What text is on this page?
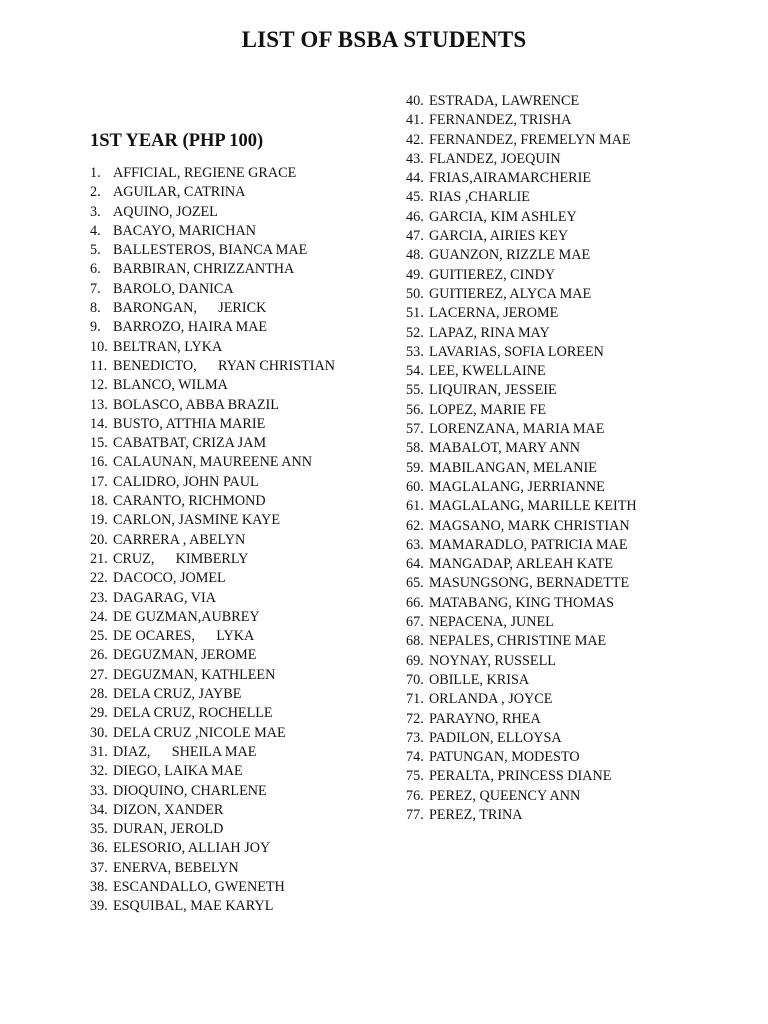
LIST OF BSBA STUDENTS
1ST YEAR (PHP 100)
1. AFFICIAL, REGIENE GRACE
2. AGUILAR, CATRINA
3. AQUINO, JOZEL
4. BACAYO, MARICHAN
5. BALLESTEROS, BIANCA MAE
6. BARBIRAN, CHRIZZANTHA
7. BAROLO, DANICA
8. BARONGAN,      JERICK
9. BARROZO, HAIRA MAE
10. BELTRAN, LYKA
11. BENEDICTO,      RYAN CHRISTIAN
12. BLANCO, WILMA
13. BOLASCO, ABBA BRAZIL
14. BUSTO, ATTHIA MARIE
15. CABATBAT, CRIZA JAM
16. CALAUNAN, MAUREENE ANN
17. CALIDRO, JOHN PAUL
18. CARANTO, RICHMOND
19. CARLON, JASMINE KAYE
20. CARRERA , ABELYN
21. CRUZ,      KIMBERLY
22. DACOCO, JOMEL
23. DAGARAG, VIA
24. DE GUZMAN,AUBREY
25. DE OCARES,      LYKA
26. DEGUZMAN, JEROME
27. DEGUZMAN, KATHLEEN
28. DELA CRUZ, JAYBE
29. DELA CRUZ, ROCHELLE
30. DELA CRUZ ,NICOLE MAE
31. DIAZ,      SHEILA MAE
32. DIEGO, LAIKA MAE
33. DIOQUINO, CHARLENE
34. DIZON, XANDER
35. DURAN, JEROLD
36. ELESORIO, ALLIAH JOY
37. ENERVA, BEBELYN
38. ESCANDALLO, GWENETH
39. ESQUIBAL, MAE KARYL
40. ESTRADA, LAWRENCE
41. FERNANDEZ, TRISHA
42. FERNANDEZ, FREMELYN MAE
43. FLANDEZ, JOEQUIN
44. FRIAS,AIRAMARCHERIE
45. RIAS ,CHARLIE
46. GARCIA, KIM ASHLEY
47. GARCIA, AIRIES KEY
48. GUANZON, RIZZLE MAE
49. GUITIEREZ, CINDY
50. GUITIEREZ, ALYCA MAE
51. LACERNA, JEROME
52. LAPAZ, RINA MAY
53. LAVARIAS, SOFIA LOREEN
54. LEE, KWELLAINE
55. LIQUIRAN, JESSEIE
56. LOPEZ, MARIE FE
57. LORENZANA, MARIA MAE
58. MABALOT, MARY ANN
59. MABILANGAN, MELANIE
60. MAGLALANG, JERRIANNE
61. MAGLALANG, MARILLE KEITH
62. MAGSANO, MARK CHRISTIAN
63. MAMARADLO, PATRICIA MAE
64. MANGADAP, ARLEAH KATE
65. MASUNGSONG, BERNADETTE
66. MATABANG, KING THOMAS
67. NEPACENA, JUNEL
68. NEPALES, CHRISTINE MAE
69. NOYNAY, RUSSELL
70. OBILLE, KRISA
71. ORLANDA , JOYCE
72. PARAYNO, RHEA
73. PADILON, ELLOYSA
74. PATUNGAN, MODESTO
75. PERALTA, PRINCESS DIANE
76. PEREZ, QUEENCY ANN
77. PEREZ, TRINA
